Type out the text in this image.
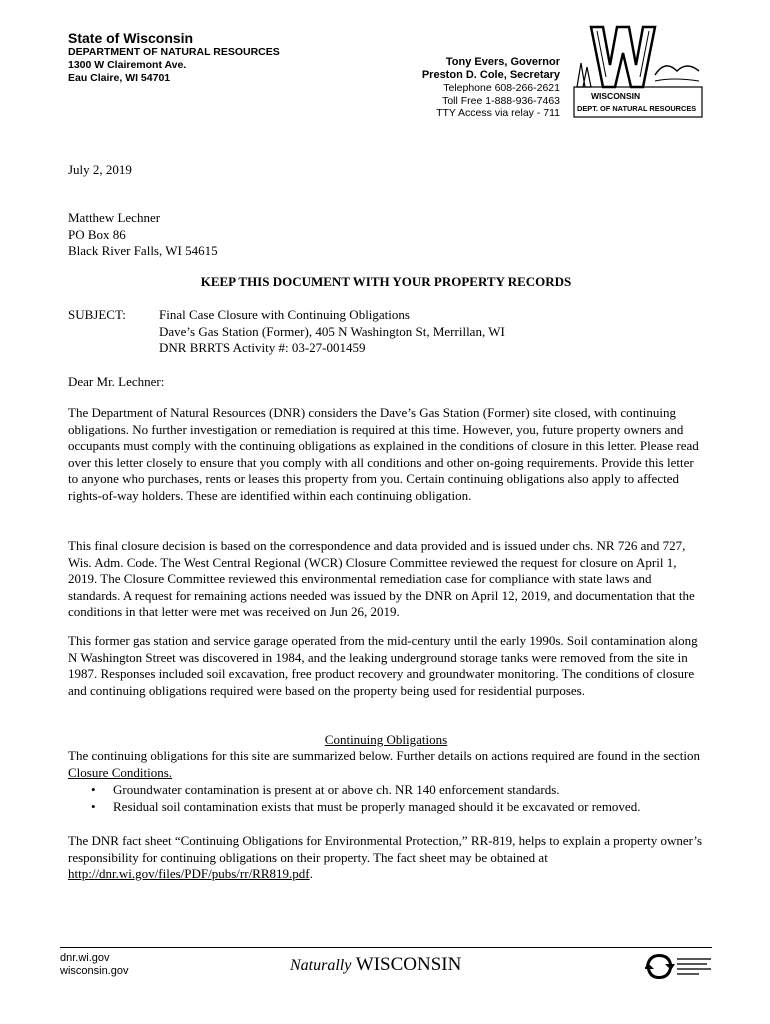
State of Wisconsin
DEPARTMENT OF NATURAL RESOURCES
1300 W Clairemont Ave.
Eau Claire, WI 54701
Tony Evers, Governor
Preston D. Cole, Secretary
Telephone 608-266-2621
Toll Free 1-888-936-7463
TTY Access via relay - 711
WISCONSIN
DEPT. OF NATURAL RESOURCES
July 2, 2019

Matthew Lechner

PO Box 86

Black River Falls, WI 54615

KEEP THIS DOCUMENT WITH YOUR PROPERTY RECORDS
SUBJECT:	Final Case Closure with Continuing Obligations

Dave’s Gas Station (Former), 405 N Washington St, Merrillan, WI

DNR BRRTS Activity #: 03-27-001459

Dear Mr. Lechner:
The Department of Natural Resources (DNR) considers the Dave’s Gas Station (Former) site closed, with continuing obligations. No further investigation or remediation is required at this time. However, you, future property owners and occupants must comply with the continuing obligations as explained in the conditions of closure in this letter. Please read over this letter closely to ensure that you comply with all conditions and other on-going requirements. Provide this letter to anyone who purchases, rents or leases this property from you. Certain continuing obligations also apply to affected rights-of-way holders. These are identified within each continuing obligation.
This final closure decision is based on the correspondence and data provided and is issued under chs. NR 726 and 727, Wis. Adm. Code. The West Central Regional (WCR) Closure Committee reviewed the request for closure on April 1, 2019. The Closure Committee reviewed this environmental remediation case for compliance with state laws and standards. A request for remaining actions needed was issued by the DNR on April 12, 2019, and documentation that the conditions in that letter were met was received on Jun 26, 2019.
This former gas station and service garage operated from the mid-century until the early 1990s. Soil contamination along N Washington Street was discovered in 1984, and the leaking underground storage tanks were removed from the site in 1987. Responses included soil excavation, free product recovery and groundwater monitoring. The conditions of closure and continuing obligations required were based on the property being used for residential purposes.
Continuing Obligations
The continuing obligations for this site are summarized below. Further details on actions required are found in the section Closure Conditions.
• Groundwater contamination is present at or above ch. NR 140 enforcement standards.
• Residual soil contamination exists that must be properly managed should it be excavated or removed.
The DNR fact sheet “Continuing Obligations for Environmental Protection,” RR-819, helps to explain a property owner’s responsibility for continuing obligations on their property. The fact sheet may be obtained at http://dnr.wi.gov/files/PDF/pubs/rr/RR819.pdf.
dnr.wi.gov
wisconsin.gov	Naturally WISCONSIN
